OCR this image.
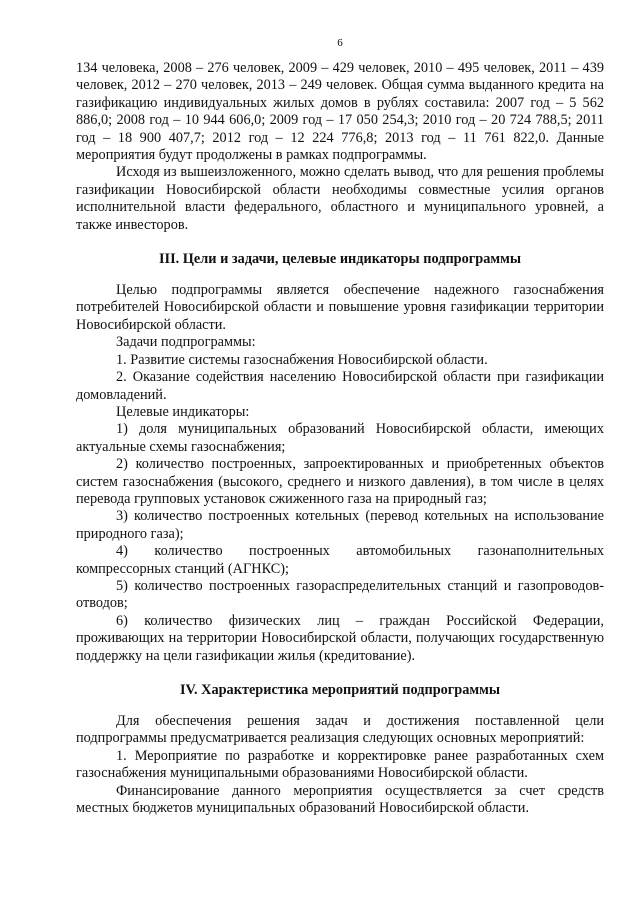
6

134 человека, 2008 – 276 человек, 2009 – 429 человек, 2010 – 495 человек, 2011 – 439 человек, 2012 – 270 человек, 2013 – 249 человек. Общая сумма выданного кредита на газификацию индивидуальных жилых домов в рублях составила: 2007 год – 5 562 886,0; 2008 год – 10 944 606,0; 2009 год – 17 050 254,3; 2010 год – 20 724 788,5; 2011 год – 18 900 407,7; 2012 год – 12 224 776,8; 2013 год – 11 761 822,0. Данные мероприятия будут продолжены в рамках подпрограммы.

Исходя из вышеизложенного, можно сделать вывод, что для решения проблемы газификации Новосибирской области необходимы совместные усилия органов исполнительной власти федерального, областного и муниципального уровней, а также инвесторов.

III. Цели и задачи, целевые индикаторы подпрограммы

Целью подпрограммы является обеспечение надежного газоснабжения потребителей Новосибирской области и повышение уровня газификации территории Новосибирской области.

Задачи подпрограммы:

1. Развитие системы газоснабжения Новосибирской области.

2. Оказание содействия населению Новосибирской области при газификации домовладений.

Целевые индикаторы:

1) доля муниципальных образований Новосибирской области, имеющих актуальные схемы газоснабжения;

2) количество построенных, запроектированных и приобретенных объектов систем газоснабжения (высокого, среднего и низкого давления), в том числе в целях перевода групповых установок сжиженного газа на природный газ;

3) количество построенных котельных (перевод котельных на использование природного газа);

4) количество построенных автомобильных газонаполнительных компрессорных станций (АГНКС);

5) количество построенных газораспределительных станций и газопроводов-отводов;

6) количество физических лиц – граждан Российской Федерации, проживающих на территории Новосибирской области, получающих государственную поддержку на цели газификации жилья (кредитование).

IV. Характеристика мероприятий подпрограммы

Для обеспечения решения задач и достижения поставленной цели подпрограммы предусматривается реализация следующих основных мероприятий:

1. Мероприятие по разработке и корректировке ранее разработанных схем газоснабжения муниципальными образованиями Новосибирской области.

Финансирование данного мероприятия осуществляется за счет средств местных бюджетов муниципальных образований Новосибирской области.
